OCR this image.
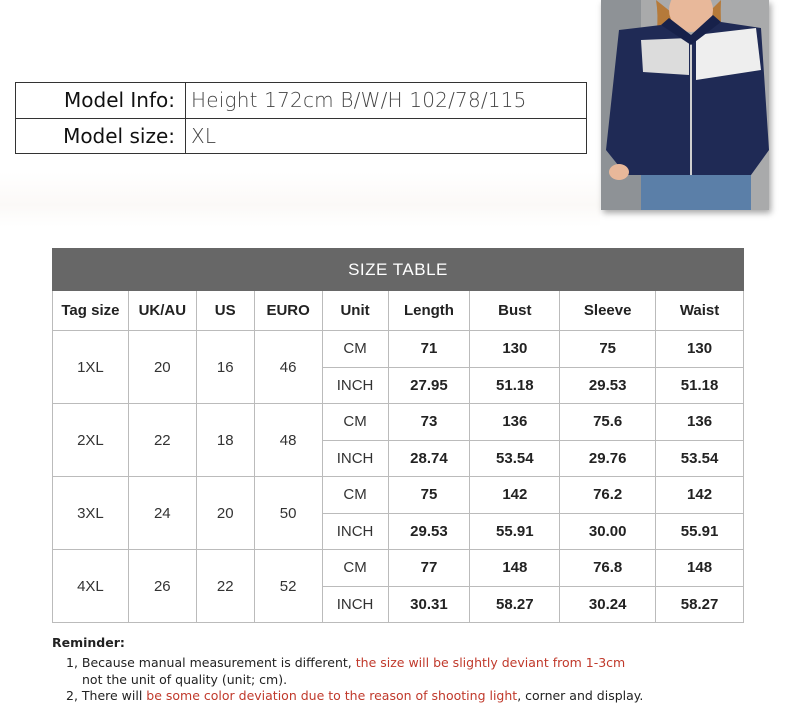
Model Info: Height 172cm B/W/H 102/78/115
Model size: XL
SIZE TABLE								
Tag size	UK/AU	US	EURO	Unit	Length	Bust	Sleeve	Waist
1XL	20	16	46	CM	71	130	75	130
				INCH	27.95	51.18	29.53	51.18
2XL	22	18	48	CM	73	136	75.6	136
				INCH	28.74	53.54	29.76	53.54
3XL	24	20	50	CM	75	142	76.2	142
				INCH	29.53	55.91	30.00	55.91
4XL	26	22	52	CM	77	148	76.8	148
				INCH	30.31	58.27	30.24	58.27
Reminder:
1, Because manual measurement is different, the size will be slightly deviant from 1-3cm
not the unit of quality (unit; cm).
2, There will be some color deviation due to the reason of shooting light, corner and display.
